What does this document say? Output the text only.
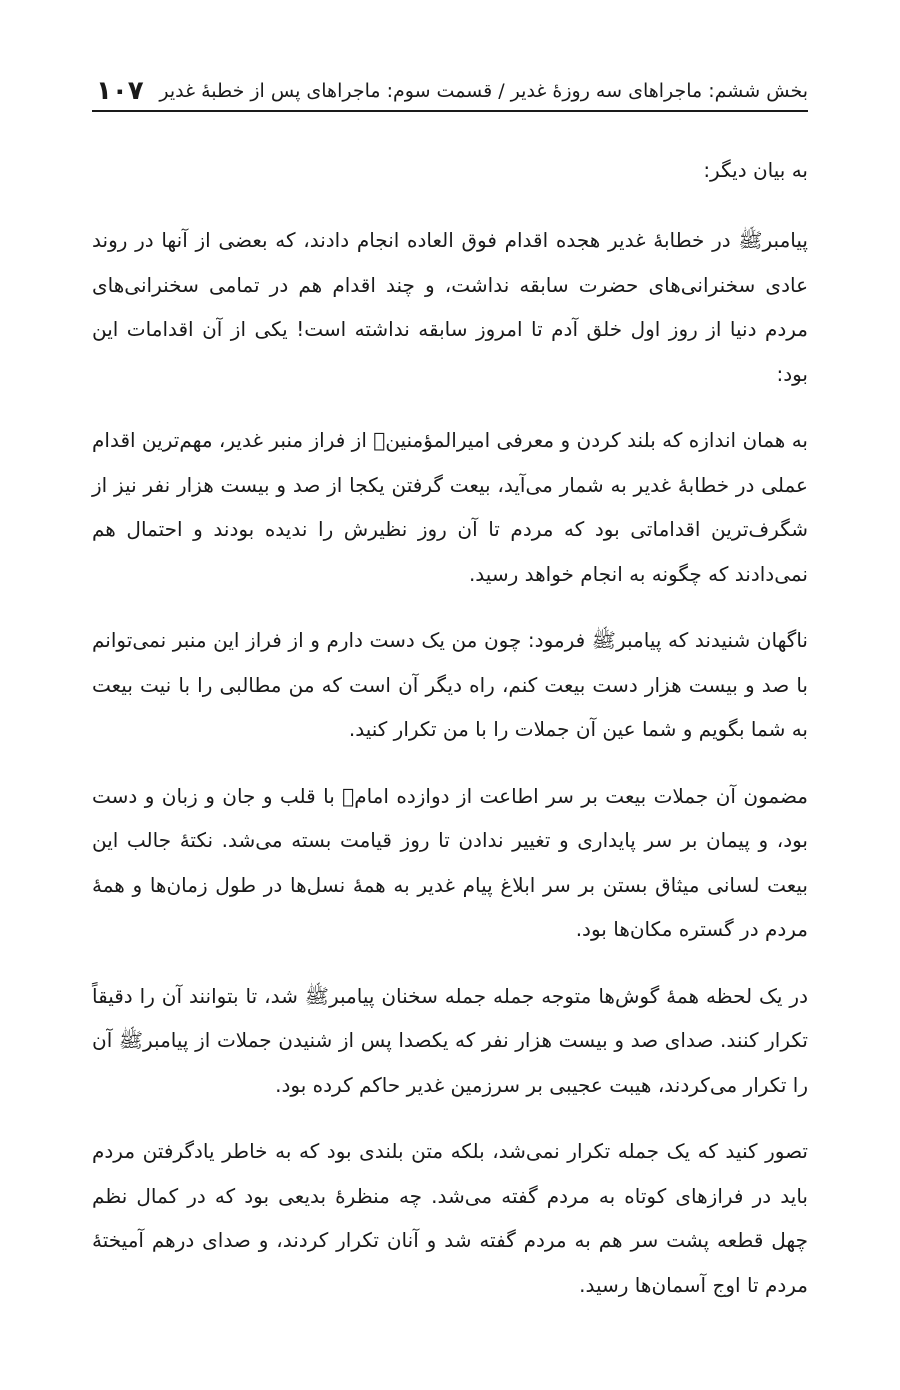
بخش ششم: ماجراهای سه روزهٔ غدیر / قسمت سوم: ماجراهای پس از خطبهٔ غدیر
۱۰۷

به بیان دیگر:

پیامبرﷺ در خطابهٔ غدیر هجده اقدام فوق العاده انجام دادند، که بعضی از آنها در روند عادی سخنرانی‌های حضرت سابقه نداشت، و چند اقدام هم در تمامی سخنرانی‌های مردم دنیا از روز اول خلق آدم تا امروز سابقه نداشته است! یکی از آن اقدامات این بود:

به همان اندازه که بلند کردن و معرفی امیرالمؤمنینؑ از فراز منبر غدیر، مهم‌ترین اقدام عملی در خطابهٔ غدیر به شمار می‌آید، بیعت گرفتن یکجا از صد و بیست هزار نفر نیز از شگرف‌ترین اقداماتی بود که مردم تا آن روز نظیرش را ندیده بودند و احتمال هم نمی‌دادند که چگونه به انجام خواهد رسید.

ناگهان شنیدند که پیامبرﷺ فرمود: چون من یک دست دارم و از فراز این منبر نمی‌توانم با صد و بیست هزار دست بیعت کنم، راه دیگر آن است که من مطالبی را با نیت بیعت به شما بگویم و شما عین آن جملات را با من تکرار کنید.

مضمون آن جملات بیعت بر سر اطاعت از دوازده امامؑ با قلب و جان و زبان و دست بود، و پیمان بر سر پایداری و تغییر ندادن تا روز قیامت بسته می‌شد. نکتهٔ جالب این بیعت لسانی میثاق بستن بر سر ابلاغ پیام غدیر به همهٔ نسل‌ها در طول زمان‌ها و همهٔ مردم در گستره مکان‌ها بود.

در یک لحظه همهٔ گوش‌ها متوجه جمله جمله سخنان پیامبرﷺ شد، تا بتوانند آن را دقیقاً تکرار کنند. صدای صد و بیست هزار نفر که یکصدا پس از شنیدن جملات از پیامبرﷺ آن را تکرار می‌کردند، هیبت عجیبی بر سرزمین غدیر حاکم کرده بود.

تصور کنید که یک جمله تکرار نمی‌شد، بلکه متن بلندی بود که به خاطر یادگرفتن مردم باید در فرازهای کوتاه به مردم گفته می‌شد. چه منظرهٔ بدیعی بود که در کمال نظم چهل قطعه پشت سر هم به مردم گفته شد و آنان تکرار کردند، و صدای درهم آمیختهٔ مردم تا اوج آسمان‌ها رسید.
